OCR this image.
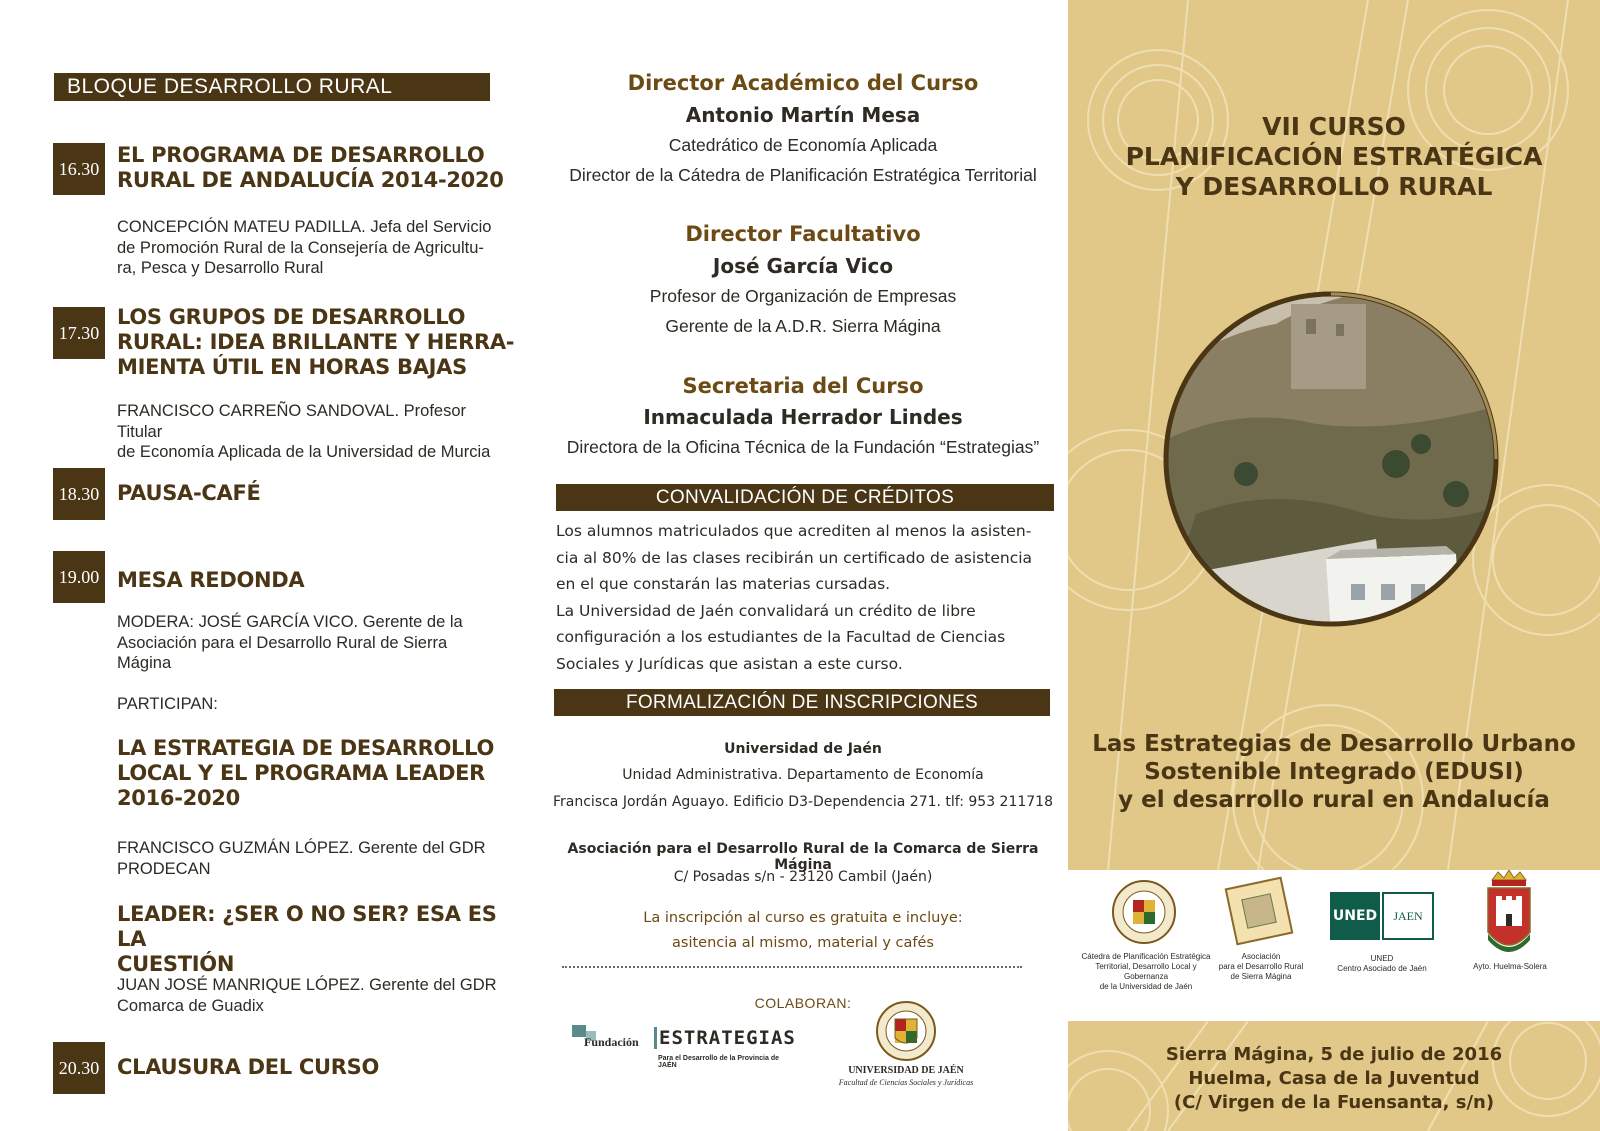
BLOQUE DESARROLLO RURAL
16.30
EL PROGRAMA DE DESARROLLO
RURAL DE ANDALUCÍA 2014-2020
CONCEPCIÓN MATEU PADILLA. Jefa del Servicio
de Promoción Rural de la Consejería de Agricultu-
ra, Pesca y Desarrollo Rural
17.30
LOS GRUPOS DE DESARROLLO
RURAL: IDEA BRILLANTE Y HERRA-
MIENTA ÚTIL EN HORAS BAJAS
FRANCISCO CARREÑO SANDOVAL. Profesor Titular
de Economía Aplicada de la Universidad de Murcia
18.30 PAUSA-CAFÉ
19.00 MESA REDONDA
MODERA: JOSÉ GARCÍA VICO. Gerente de la
Asociación para el Desarrollo Rural de Sierra
Mágina
PARTICIPAN:
LA ESTRATEGIA DE DESARROLLO
LOCAL Y EL PROGRAMA LEADER
2016-2020
FRANCISCO GUZMÁN LÓPEZ. Gerente del GDR
PRODECAN
LEADER: ¿SER O NO SER? ESA ES LA
CUESTIÓN
JUAN JOSÉ MANRIQUE LÓPEZ. Gerente del GDR
Comarca de Guadix
20.30 CLAUSURA DEL CURSO
Director Académico del Curso
Antonio Martín Mesa
Catedrático de Economía Aplicada
Director de la Cátedra de Planificación Estratégica Territorial
Director Facultativo
José García Vico
Profesor de Organización de Empresas
Gerente de la A.D.R. Sierra Mágina
Secretaria del Curso
Inmaculada Herrador Lindes
Directora de la Oficina Técnica de la Fundación “Estrategias”
CONVALIDACIÓN DE CRÉDITOS
Los alumnos matriculados que acrediten al menos la asisten-
cia al 80% de las clases recibirán un certificado de asistencia
en el que constarán las materias cursadas.
La Universidad de Jaén convalidará un crédito de libre
configuración a los estudiantes de la Facultad de Ciencias
Sociales y Jurídicas que asistan a este curso.
FORMALIZACIÓN DE INSCRIPCIONES
Universidad de Jaén
Unidad Administrativa. Departamento de Economía
Francisca Jordán Aguayo. Edificio D3-Dependencia 271. tlf: 953 211718
Asociación para el Desarrollo Rural de la Comarca de Sierra Mágina
C/ Posadas s/n - 23120 Cambil (Jaén)
La inscripción al curso es gratuita e incluye:
asitencia al mismo, material y cafés
COLABORAN:
Fundación ESTRATEGIAS
Para el Desarrollo de la Provincia de JAÉN	UNIVERSIDAD DE JAÉN
Facultad de Ciencias Sociales y Jurídicas
VII CURSO
PLANIFICACIÓN ESTRATÉGICA
Y DESARROLLO RURAL
Las Estrategias de Desarrollo Urbano
Sostenible Integrado (EDUSI)
y el desarrollo rural en Andalucía
Cátedra de Planificación Estratégica
Territorial, Desarrollo Local y Gobernanza
de la Universidad de Jaén
Asociación
para el Desarrollo Rural
de Sierra Mágina
UNED	JAEN
UNED
Centro Asociado de Jaén	Ayto. Huelma-Solera
Sierra Mágina, 5 de julio de 2016
Huelma, Casa de la Juventud
(C/ Virgen de la Fuensanta, s/n)
